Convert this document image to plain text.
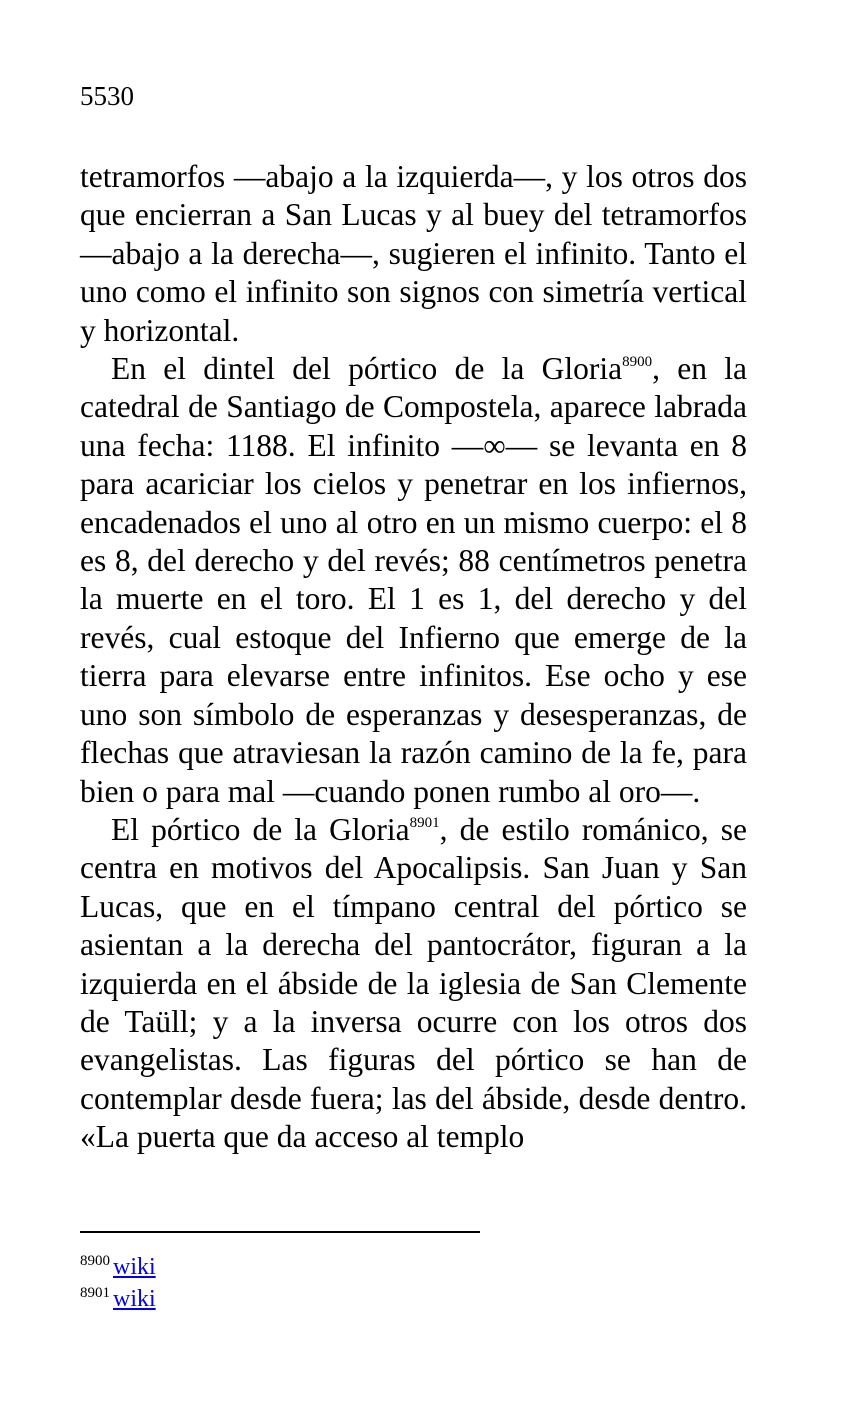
5530

tetramorfos —abajo a la izquierda—, y los otros dos que encierran a San Lucas y al buey del tetramorfos —abajo a la derecha—, sugieren el infinito. Tanto el uno como el infinito son signos con simetría vertical y horizontal.

En el dintel del pórtico de la Gloria$^{8900}$, en la catedral de Santiago de Compostela, aparece labrada una fecha: 1188. El infinito —∞— se levanta en 8 para acariciar los cielos y penetrar en los infiernos, encadenados el uno al otro en un mismo cuerpo: el 8 es 8, del derecho y del revés; 88 centímetros penetra la muerte en el toro. El 1 es 1, del derecho y del revés, cual estoque del Infierno que emerge de la tierra para elevarse entre infinitos. Ese ocho y ese uno son símbolo de esperanzas y desesperanzas, de flechas que atraviesan la razón camino de la fe, para bien o para mal —cuando ponen rumbo al oro—.

El pórtico de la Gloria$^{8901}$, de estilo románico, se centra en motivos del Apocalipsis. San Juan y San Lucas, que en el tímpano central del pórtico se asientan a la derecha del pantocrátor, figuran a la izquierda en el ábside de la iglesia de San Clemente de Taüll; y a la inversa ocurre con los otros dos evangelistas. Las figuras del pórtico se han de contemplar desde fuera; las del ábside, desde dentro. «La puerta que da acceso al templo

$^{8900}$ wiki
$^{8901}$ wiki
